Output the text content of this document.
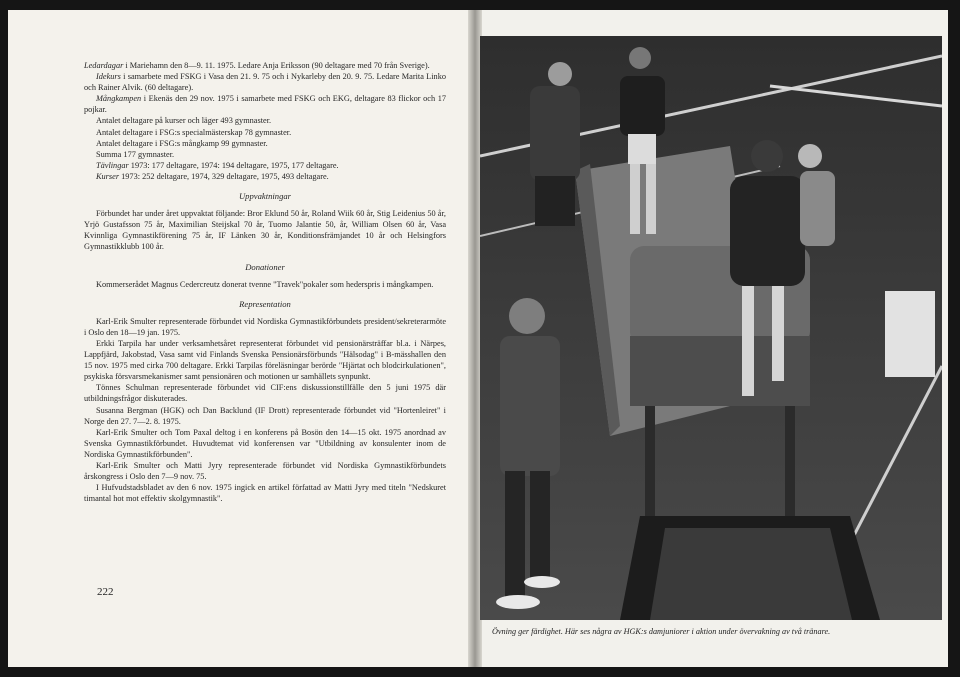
Ledardagar i Mariehamn den 8—9. 11. 1975. Ledare Anja Eriksson (90 deltagare med 70 från Sverige).

Idekurs i samarbete med FSKG i Vasa den 21. 9. 75 och i Nykarleby den 20. 9. 75. Ledare Marita Linko och Rainer Alvik. (60 deltagare).

Mångkampen i Ekenäs den 29 nov. 1975 i samarbete med FSKG och EKG, deltagare 83 flickor och 17 pojkar.

Antalet deltagare på kurser och läger 493 gymnaster.

Antalet deltagare i FSG:s specialmästerskap 78 gymnaster.

Antalet deltagare i FSG:s mångkamp 99 gymnaster.

Summa 177 gymnaster.

Tävlingar 1973: 177 deltagare, 1974: 194 deltagare, 1975, 177 deltagare.

Kurser 1973: 252 deltagare, 1974, 329 deltagare, 1975, 493 deltagare.

Uppvaktningar

Förbundet har under året uppvaktat följande: Bror Eklund 50 år, Roland Wiik 60 år, Stig Leidenius 50 år, Yrjö Gustafsson 75 år, Maximilian Steijskal 70 år, Tuomo Jalantie 50, år, William Olsen 60 år, Vasa Kvinnliga Gymnastikförening 75 år, IF Länken 30 år, Konditionsfrämjandet 10 år och Helsingfors Gymnastikklubb 100 år.

Donationer

Kommerserådet Magnus Cedercreutz donerat tvenne "Travek"pokaler som hederspris i mångkampen.

Representation

Karl-Erik Smulter representerade förbundet vid Nordiska Gymnastikförbundets president/sekreterarmöte i Oslo den 18—19 jan. 1975.

Erkki Tarpila har under verksamhetsåret representerat förbundet vid pensionärsträffar bl.a. i Närpes, Lappfjärd, Jakobstad, Vasa samt vid Finlands Svenska Pensionärsförbunds "Hälsodag" i B-mässhallen den 15 nov. 1975 med cirka 700 deltagare. Erkki Tarpilas föreläsningar berörde "Hjärtat och blodcirkulationen", psykiska försvarsmekanismer samt pensionären och motionen ur samhällets synpunkt.

Tönnes Schulman representerade förbundet vid CIF:ens diskussionstillfälle den 5 juni 1975 där utbildningsfrågor diskuterades.

Susanna Bergman (HGK) och Dan Backlund (IF Drott) representerade förbundet vid "Hortenleiret" i Norge den 27. 7—2. 8. 1975.

Karl-Erik Smulter och Tom Paxal deltog i en konferens på Bosön den 14—15 okt. 1975 anordnad av Svenska Gymnastikförbundet. Huvudtemat vid konferensen var "Utbildning av konsulenter inom de Nordiska Gymnastikförbunden".

Karl-Erik Smulter och Matti Jyry representerade förbundet vid Nordiska Gymnastikförbundets årskongress i Oslo den 7—9 nov. 75.

I Hufvudstadsbladet av den 6 nov. 1975 ingick en artikel författad av Matti Jyry med titeln "Nedskuret timantal hot mot effektiv skolgymnastik".

222
Övning ger färdighet. Här ses några av HGK:s damjuniorer i aktion under övervakning av två tränare.
